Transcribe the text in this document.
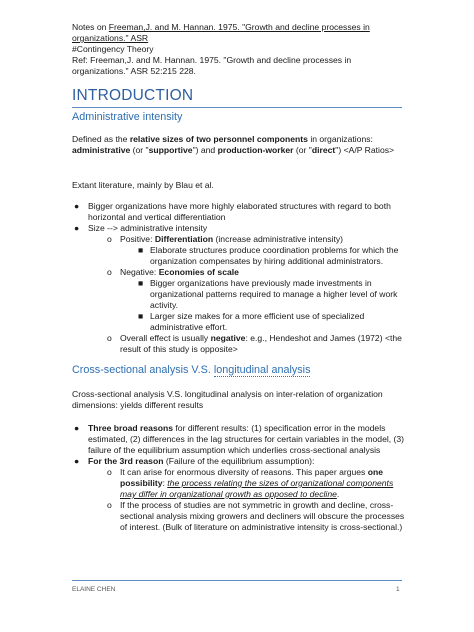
Notes on Freeman,J. and M. Hannan. 1975. "Growth and decline processes in organizations." ASR
#Contingency Theory
Ref: Freeman,J. and M. Hannan. 1975. "Growth and decline processes in organizations." ASR 52:215 228.
INTRODUCTION
Administrative intensity
Defined as the relative sizes of two personnel components in organizations: administrative (or "supportive") and production-worker (or "direct") <A/P Ratios>
Extant literature, mainly by Blau et al.
● Bigger organizations have more highly elaborated structures with regard to both horizontal and vertical differentiation
● Size --> administrative intensity
o Positive: Differentiation (increase administrative intensity)
■ Elaborate structures produce coordination problems for which the organization compensates by hiring additional administrators.
o Negative: Economies of scale
■ Bigger organizations have previously made investments in organizational patterns required to manage a higher level of work activity.
■ Larger size makes for a more efficient use of specialized administrative effort.
o Overall effect is usually negative: e.g., Hendeshot and James (1972) <the result of this study is opposite>
Cross-sectional analysis V.S. longitudinal analysis
Cross-sectional analysis V.S. longitudinal analysis on inter-relation of organization dimensions: yields different results
● Three broad reasons for different results: (1) specification error in the models estimated, (2) differences in the lag structures for certain variables in the model, (3) failure of the equilibrium assumption which underlies cross-sectional analysis
● For the 3rd reason (Failure of the equilibrium assumption):
o It can arise for enormous diversity of reasons. This paper argues one possibility: the process relating the sizes of organizational components may differ in organizational growth as opposed to decline.
o If the process of studies are not symmetric in growth and decline, cross-sectional analysis mixing growers and decliners will obscure the processes of interest. (Bulk of literature on administrative intensity is cross-sectional.)
ELAINE CHEN	1
